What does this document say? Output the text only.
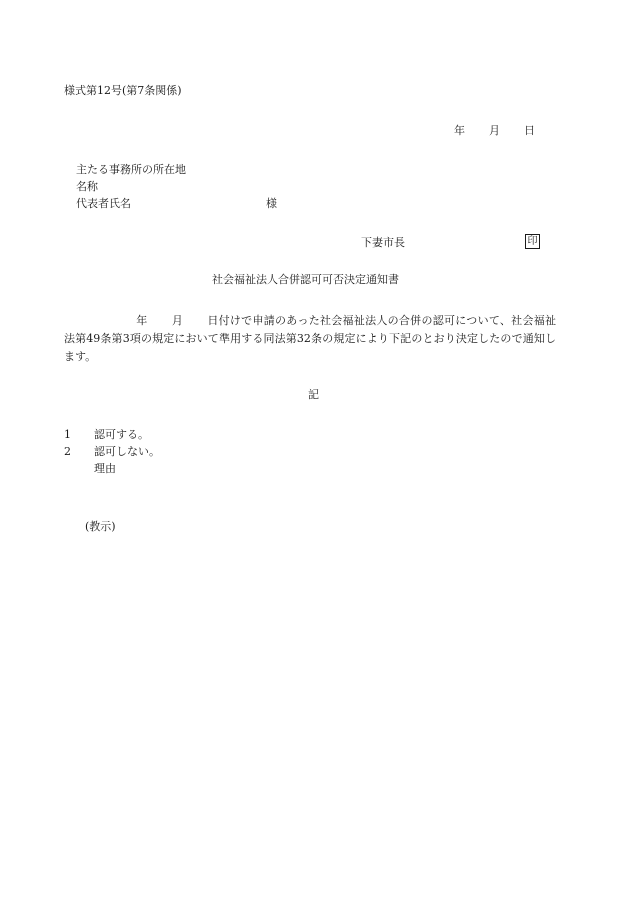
様式第12号(第7条関係)
年 月 日
主たる事務所の所在地
名称
代表者氏名	様
下妻市長	印
社会福祉法人合併認可可否決定通知書
年 月 日付けで申請のあった社会福祉法人の合併の認可について、社会福祉法第49条第3項の規定において準用する同法第32条の規定により下記のとおり決定したので通知します。
記
1 認可する。
2 認可しない。
理由
(教示)
